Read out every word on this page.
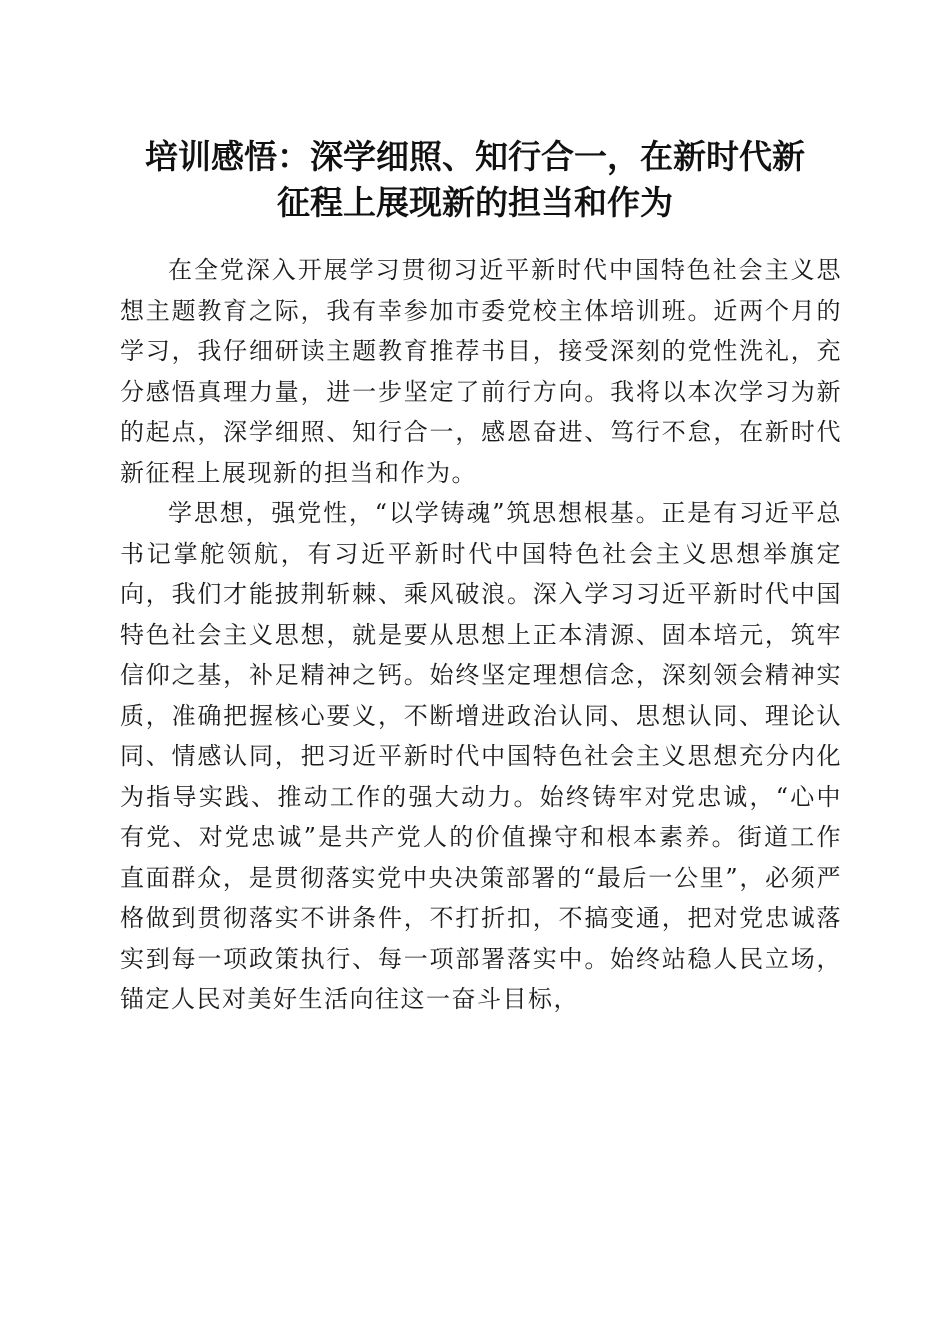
培训感悟：深学细照、知行合一，在新时代新
征程上展现新的担当和作为

在全党深入开展学习贯彻习近平新时代中国特色社会主义思想主题教育之际，我有幸参加市委党校主体培训班。近两个月的学习，我仔细研读主题教育推荐书目，接受深刻的党性洗礼，充分感悟真理力量，进一步坚定了前行方向。我将以本次学习为新的起点，深学细照、知行合一，感恩奋进、笃行不怠，在新时代新征程上展现新的担当和作为。

学思想，强党性，“以学铸魂”筑思想根基。正是有习近平总书记掌舵领航，有习近平新时代中国特色社会主义思想举旗定向，我们才能披荆斩棘、乘风破浪。深入学习习近平新时代中国特色社会主义思想，就是要从思想上正本清源、固本培元，筑牢信仰之基，补足精神之钙。始终坚定理想信念，深刻领会精神实质，准确把握核心要义，不断增进政治认同、思想认同、理论认同、情感认同，把习近平新时代中国特色社会主义思想充分内化为指导实践、推动工作的强大动力。始终铸牢对党忠诚，“心中有党、对党忠诚”是共产党人的价值操守和根本素养。街道工作直面群众，是贯彻落实党中央决策部署的“最后一公里”，必须严格做到贯彻落实不讲条件，不打折扣，不搞变通，把对党忠诚落实到每一项政策执行、每一项部署落实中。始终站稳人民立场，锚定人民对美好生活向往这一奋斗目标，
